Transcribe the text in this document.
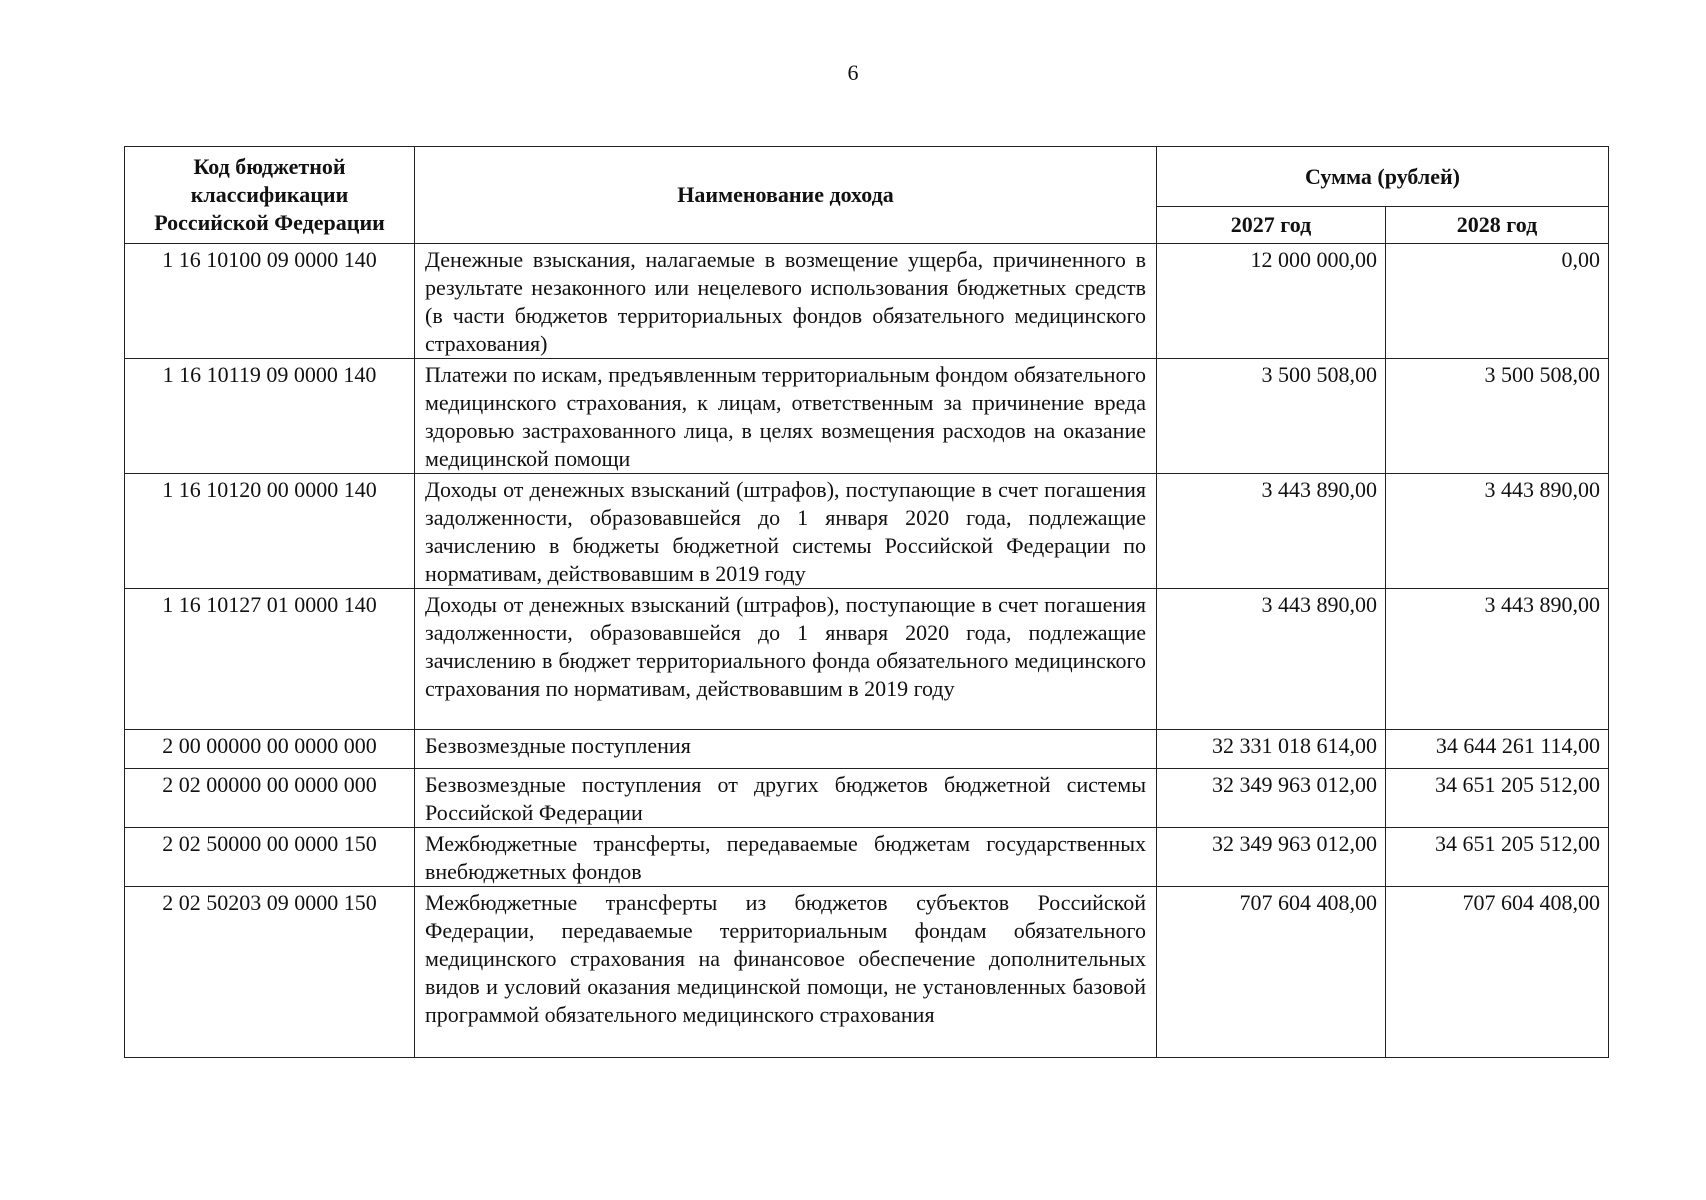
6
Код бюджетной классификации Российской Федерации	Наименование дохода	Сумма (рублей)	
		2027 год	2028 год
1 16 10100 09 0000 140	Денежные взыскания, налагаемые в возмещение ущерба, причиненного в результате незаконного или нецелевого использования бюджетных средств (в части бюджетов территориальных фондов обязательного медицинского страхования)	12 000 000,00	0,00
1 16 10119 09 0000 140	Платежи по искам, предъявленным территориальным фондом обязательного медицинского страхования, к лицам, ответственным за причинение вреда здоровью застрахованного лица, в целях возмещения расходов на оказание медицинской помощи	3 500 508,00	3 500 508,00
1 16 10120 00 0000 140	Доходы от денежных взысканий (штрафов), поступающие в счет погашения задолженности, образовавшейся до 1 января 2020 года, подлежащие зачислению в бюджеты бюджетной системы Российской Федерации по нормативам, действовавшим в 2019 году	3 443 890,00	3 443 890,00
1 16 10127 01 0000 140	Доходы от денежных взысканий (штрафов), поступающие в счет погашения задолженности, образовавшейся до 1 января 2020 года, подлежащие зачислению в бюджет территориального фонда обязательного медицинского страхования по нормативам, действовавшим в 2019 году	3 443 890,00	3 443 890,00
2 00 00000 00 0000 000	Безвозмездные поступления	32 331 018 614,00	34 644 261 114,00
2 02 00000 00 0000 000	Безвозмездные поступления от других бюджетов бюджетной системы Российской Федерации	32 349 963 012,00	34 651 205 512,00
2 02 50000 00 0000 150	Межбюджетные трансферты, передаваемые бюджетам государственных внебюджетных фондов	32 349 963 012,00	34 651 205 512,00
2 02 50203 09 0000 150	Межбюджетные трансферты из бюджетов субъектов Российской Федерации, передаваемые территориальным фондам обязательного медицинского страхования на финансовое обеспечение дополнительных видов и условий оказания медицинской помощи, не установленных базовой программой обязательного медицинского страхования	707 604 408,00	707 604 408,00
